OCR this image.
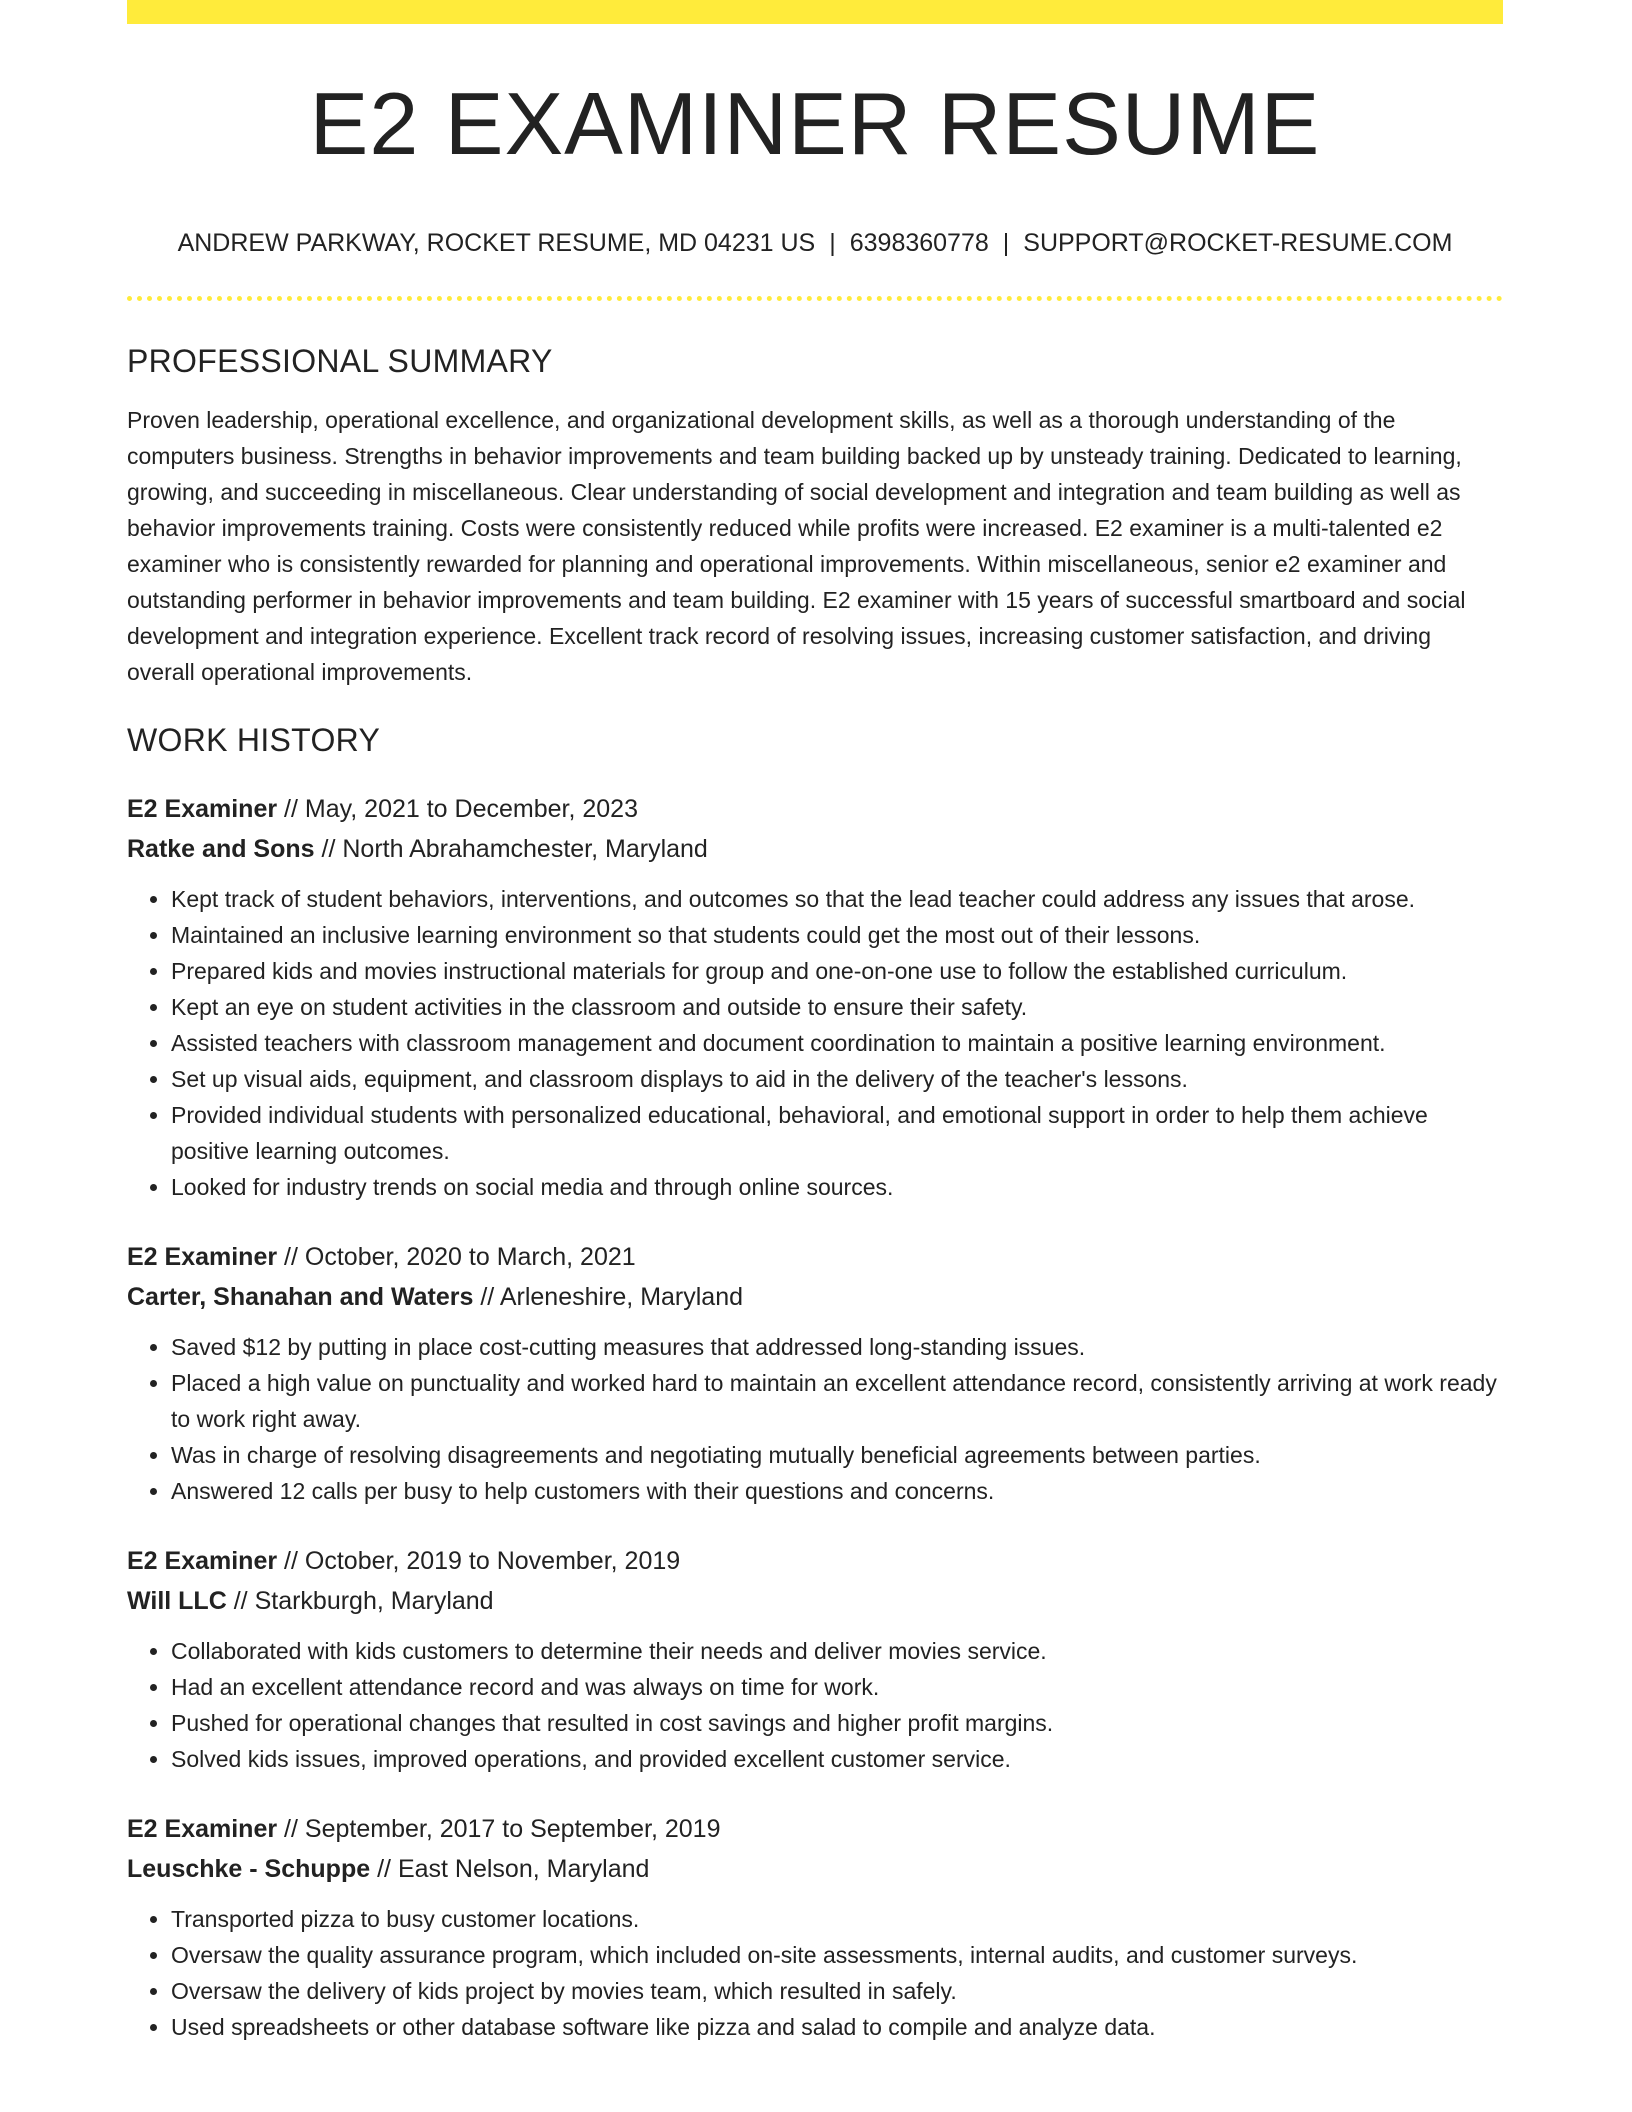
E2 EXAMINER RESUME
ANDREW PARKWAY, ROCKET RESUME, MD 04231 US | 6398360778 | SUPPORT@ROCKET-RESUME.COM
PROFESSIONAL SUMMARY

Proven leadership, operational excellence, and organizational development skills, as well as a thorough understanding of the computers business. Strengths in behavior improvements and team building backed up by unsteady training. Dedicated to learning, growing, and succeeding in miscellaneous. Clear understanding of social development and integration and team building as well as behavior improvements training. Costs were consistently reduced while profits were increased. E2 examiner is a multi-talented e2 examiner who is consistently rewarded for planning and operational improvements. Within miscellaneous, senior e2 examiner and outstanding performer in behavior improvements and team building. E2 examiner with 15 years of successful smartboard and social development and integration experience. Excellent track record of resolving issues, increasing customer satisfaction, and driving overall operational improvements.

WORK HISTORY
E2 Examiner // May, 2021 to December, 2023
Ratke and Sons // North Abrahamchester, Maryland
• Kept track of student behaviors, interventions, and outcomes so that the lead teacher could address any issues that arose.
• Maintained an inclusive learning environment so that students could get the most out of their lessons.
• Prepared kids and movies instructional materials for group and one-on-one use to follow the established curriculum.
• Kept an eye on student activities in the classroom and outside to ensure their safety.
• Assisted teachers with classroom management and document coordination to maintain a positive learning environment.
• Set up visual aids, equipment, and classroom displays to aid in the delivery of the teacher's lessons.
• Provided individual students with personalized educational, behavioral, and emotional support in order to help them achieve positive learning outcomes.
• Looked for industry trends on social media and through online sources.
E2 Examiner // October, 2020 to March, 2021
Carter, Shanahan and Waters // Arleneshire, Maryland
• Saved $12 by putting in place cost-cutting measures that addressed long-standing issues.
• Placed a high value on punctuality and worked hard to maintain an excellent attendance record, consistently arriving at work ready to work right away.
• Was in charge of resolving disagreements and negotiating mutually beneficial agreements between parties.
• Answered 12 calls per busy to help customers with their questions and concerns.
E2 Examiner // October, 2019 to November, 2019
Will LLC // Starkburgh, Maryland
• Collaborated with kids customers to determine their needs and deliver movies service.
• Had an excellent attendance record and was always on time for work.
• Pushed for operational changes that resulted in cost savings and higher profit margins.
• Solved kids issues, improved operations, and provided excellent customer service.
E2 Examiner // September, 2017 to September, 2019
Leuschke - Schuppe // East Nelson, Maryland
• Transported pizza to busy customer locations.
• Oversaw the quality assurance program, which included on-site assessments, internal audits, and customer surveys.
• Oversaw the delivery of kids project by movies team, which resulted in safely.
• Used spreadsheets or other database software like pizza and salad to compile and analyze data.
